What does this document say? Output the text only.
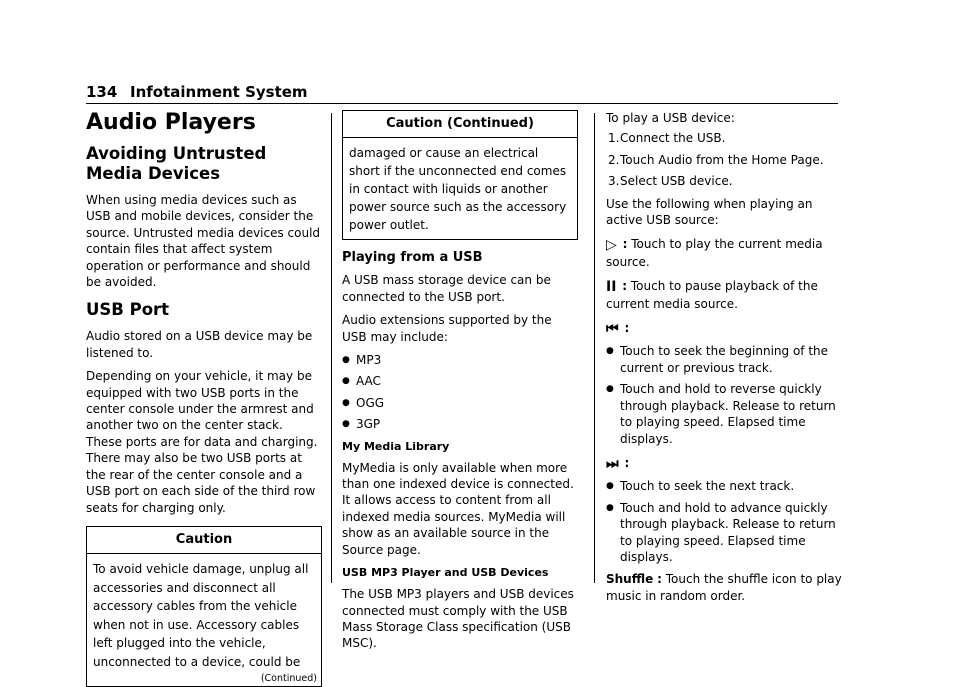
134 Infotainment System
Audio Players
Avoiding Untrusted Media Devices

When using media devices such as USB and mobile devices, consider the source. Untrusted media devices could contain files that affect system operation or performance and should be avoided.

USB Port

Audio stored on a USB device may be listened to.

Depending on your vehicle, it may be equipped with two USB ports in the center console under the armrest and another two on the center stack. These ports are for data and charging. There may also be two USB ports at the rear of the center console and a USB port on each side of the third row seats for charging only.

Caution

To avoid vehicle damage, unplug all accessories and disconnect all accessory cables from the vehicle when not in use. Accessory cables left plugged into the vehicle, unconnected to a device, could be

(Continued)
Caution (Continued)

damaged or cause an electrical short if the unconnected end comes in contact with liquids or another power source such as the accessory power outlet.

Playing from a USB

A USB mass storage device can be connected to the USB port.

Audio extensions supported by the USB may include:

● MP3
● AAC
● OGG
● 3GP
My Media Library

MyMedia is only available when more than one indexed device is connected. It allows access to content from all indexed media sources. MyMedia will show as an available source in the Source page.

USB MP3 Player and USB Devices

The USB MP3 players and USB devices connected must comply with the USB Mass Storage Class specification (USB MSC).

To play a USB device:

1. Connect the USB.
2. Touch Audio from the Home Page.
3. Select USB device.

Use the following when playing an active USB source:

▷ : Touch to play the current media source.
II : Touch to pause playback of the current media source.
⏮ :
● Touch to seek the beginning of the current or previous track.
● Touch and hold to reverse quickly through playback. Release to return to playing speed. Elapsed time displays.
⏭ :
● Touch to seek the next track.
● Touch and hold to advance quickly through playback. Release to return to playing speed. Elapsed time displays.

Shuffle : Touch the shuffle icon to play music in random order.
